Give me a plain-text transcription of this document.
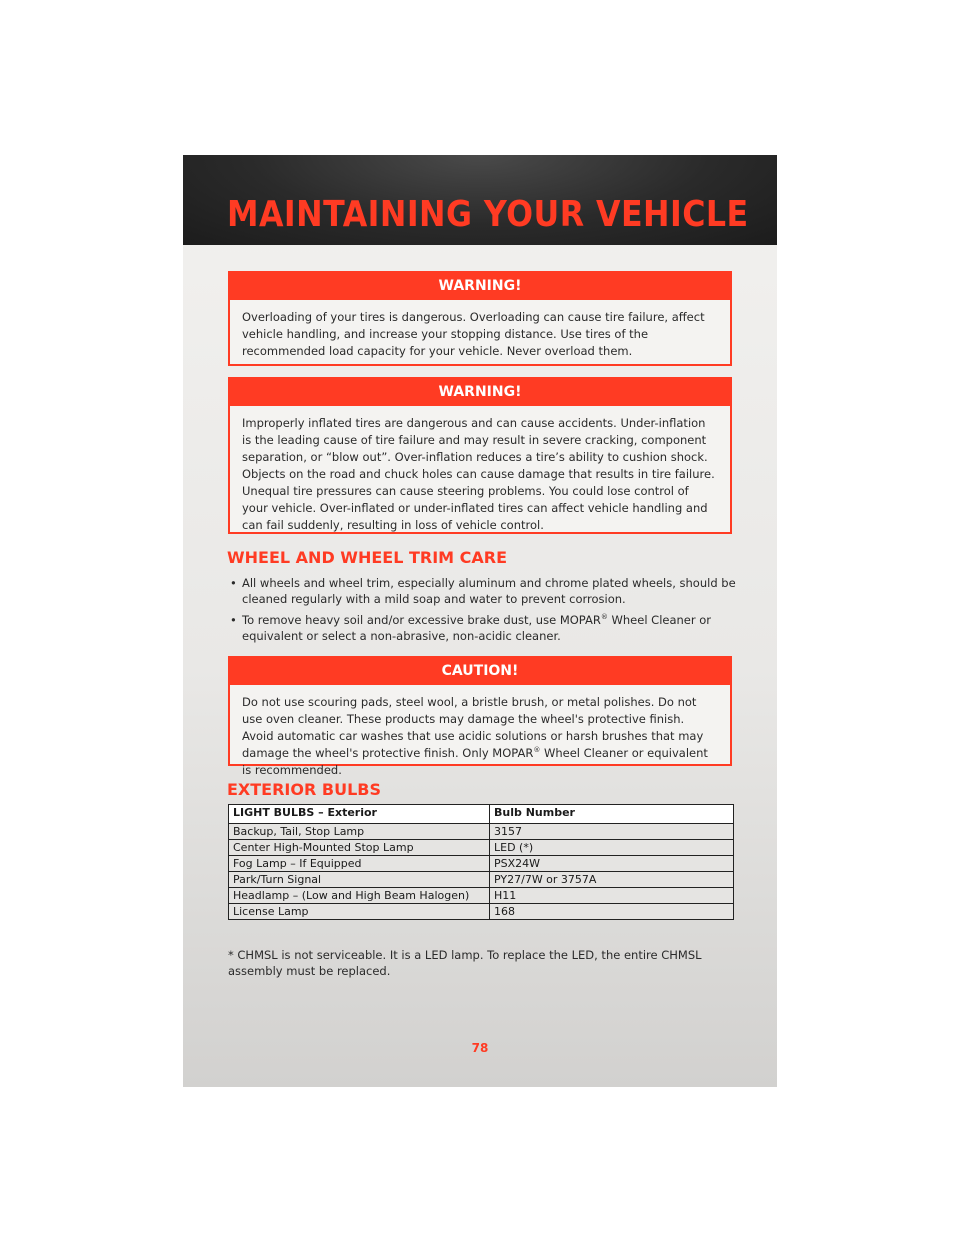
MAINTAINING YOUR VEHICLE
WARNING!
Overloading of your tires is dangerous. Overloading can cause tire failure, affect vehicle handling, and increase your stopping distance. Use tires of the recommended load capacity for your vehicle. Never overload them.
WARNING!
Improperly inflated tires are dangerous and can cause accidents. Under-inflation is the leading cause of tire failure and may result in severe cracking, component separation, or “blow out”. Over-inflation reduces a tire’s ability to cushion shock. Objects on the road and chuck holes can cause damage that results in tire failure. Unequal tire pressures can cause steering problems. You could lose control of your vehicle. Over-inflated or under-inflated tires can affect vehicle handling and can fail suddenly, resulting in loss of vehicle control.
WHEEL AND WHEEL TRIM CARE
• All wheels and wheel trim, especially aluminum and chrome plated wheels, should be cleaned regularly with a mild soap and water to prevent corrosion.
• To remove heavy soil and/or excessive brake dust, use MOPAR® Wheel Cleaner or equivalent or select a non-abrasive, non-acidic cleaner.
CAUTION!
Do not use scouring pads, steel wool, a bristle brush, or metal polishes. Do not use oven cleaner. These products may damage the wheel's protective finish. Avoid automatic car washes that use acidic solutions or harsh brushes that may damage the wheel's protective finish. Only MOPAR® Wheel Cleaner or equivalent is recommended.
EXTERIOR BULBS
LIGHT BULBS – Exterior	Bulb Number
Backup, Tail, Stop Lamp	3157
Center High-Mounted Stop Lamp	LED (*)
Fog Lamp – If Equipped	PSX24W
Park/Turn Signal	PY27/7W or 3757A
Headlamp – (Low and High Beam Halogen)	H11
License Lamp	168
* CHMSL is not serviceable. It is a LED lamp. To replace the LED, the entire CHMSL assembly must be replaced.
78
